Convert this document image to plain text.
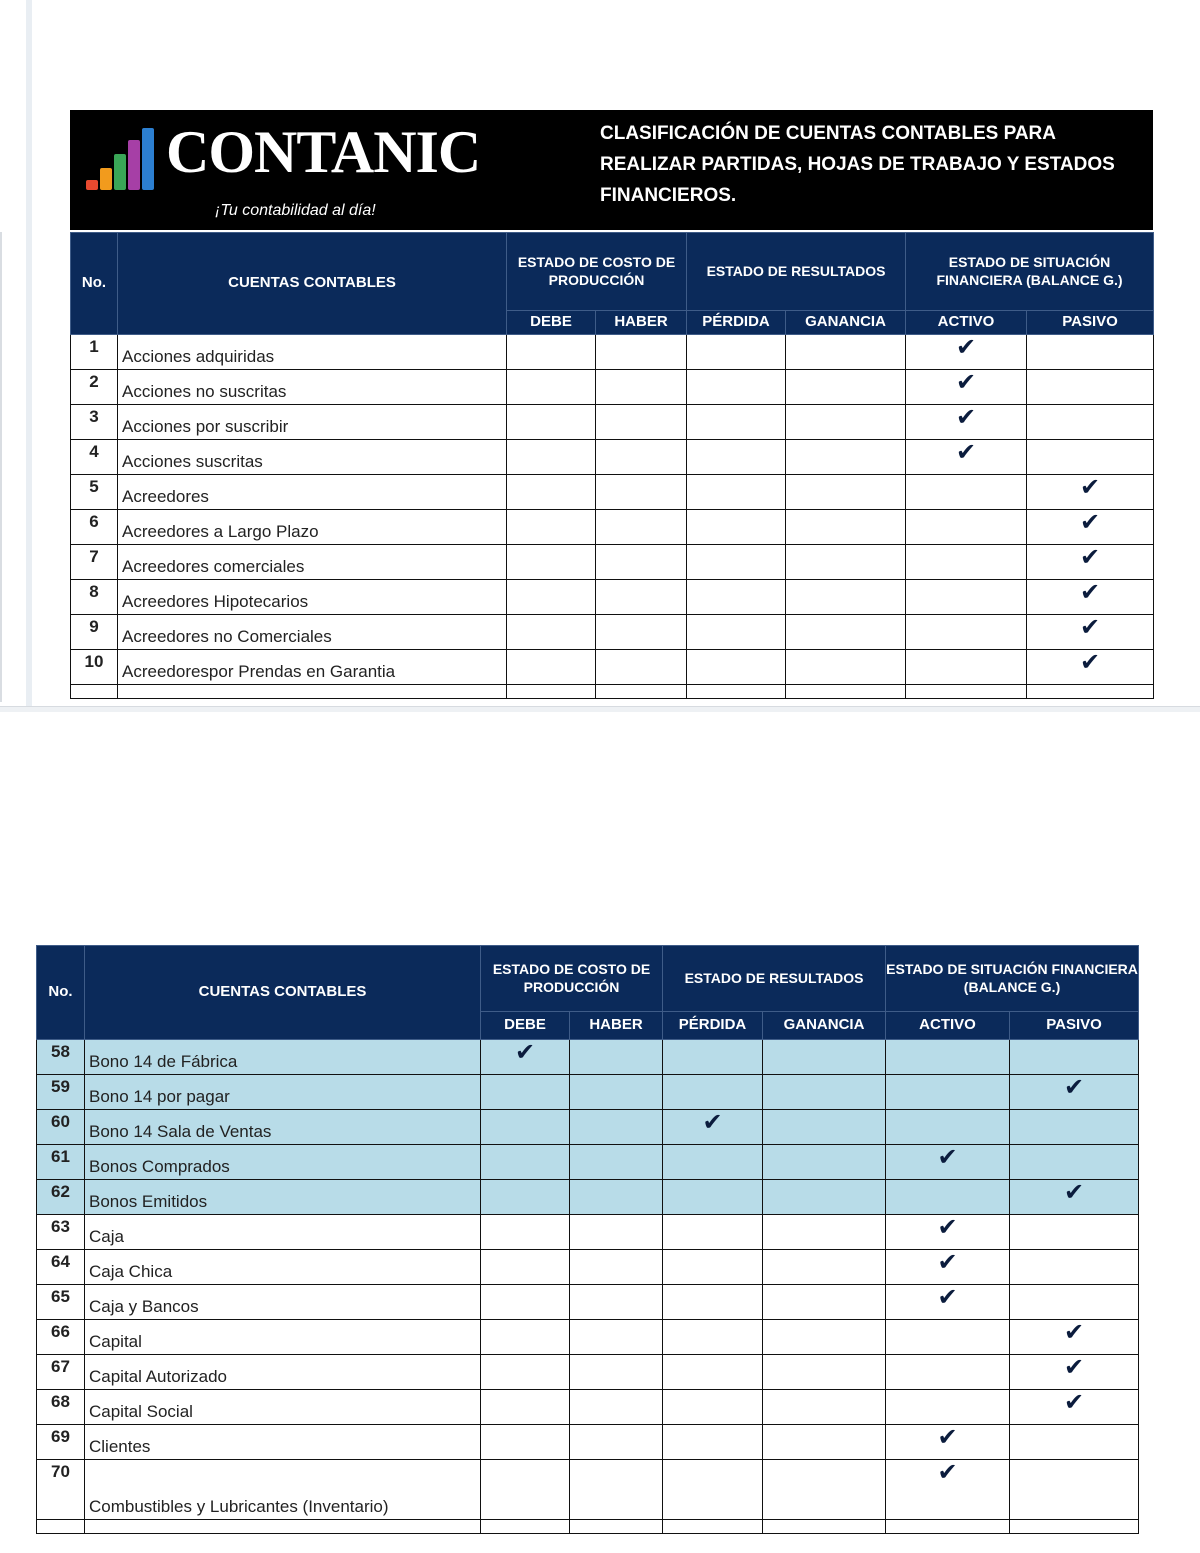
CONTANIC
¡Tu contabilidad al día!
CLASIFICACIÓN DE CUENTAS CONTABLES PARA REALIZAR PARTIDAS, HOJAS DE TRABAJO Y ESTADOS FINANCIEROS.
No.	CUENTAS CONTABLES	ESTADO DE COSTO DE PRODUCCIÓN		ESTADO DE RESULTADOS		ESTADO DE SITUACIÓN FINANCIERA (BALANCE G.)	
		DEBE	HABER	PÉRDIDA	GANANCIA	ACTIVO	PASIVO
1	Acciones adquiridas					✔	
2	Acciones no suscritas					✔	
3	Acciones por suscribir					✔	
4	Acciones suscritas					✔	
5	Acreedores						✔
6	Acreedores a Largo Plazo						✔
7	Acreedores comerciales						✔
8	Acreedores Hipotecarios						✔
9	Acreedores no Comerciales						✔
10	Acreedorespor Prendas en Garantia						✔

No.	CUENTAS CONTABLES	ESTADO DE COSTO DE PRODUCCIÓN		ESTADO DE RESULTADOS		ESTADO DE SITUACIÓN FINANCIERA (BALANCE G.)	
		DEBE	HABER	PÉRDIDA	GANANCIA	ACTIVO	PASIVO
58	Bono 14 de Fábrica	✔					
59	Bono 14 por pagar						✔
60	Bono 14 Sala de Ventas			✔			
61	Bonos Comprados					✔	
62	Bonos Emitidos						✔
63	Caja					✔	
64	Caja Chica					✔	
65	Caja y Bancos					✔	
66	Capital						✔
67	Capital Autorizado						✔
68	Capital Social						✔
69	Clientes					✔	
70	Combustibles y Lubricantes (Inventario)					✔	
